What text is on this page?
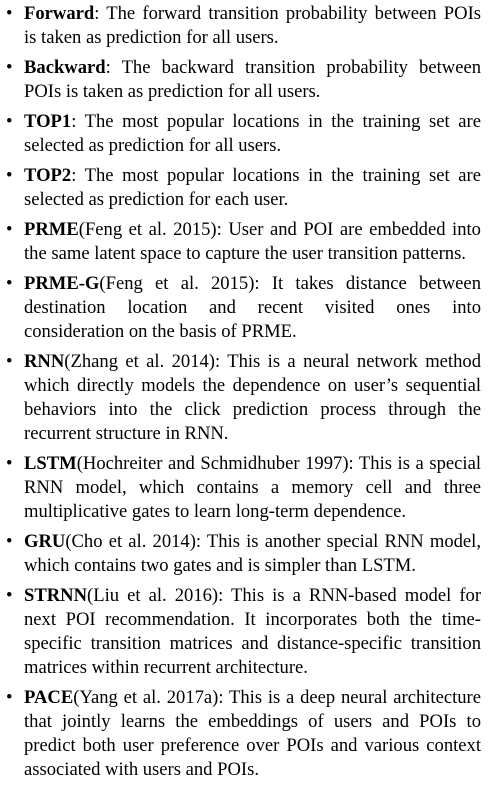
• Forward: The forward transition probability between POIs is taken as prediction for all users.
• Backward: The backward transition probability between POIs is taken as prediction for all users.
• TOP1: The most popular locations in the training set are selected as prediction for all users.
• TOP2: The most popular locations in the training set are selected as prediction for each user.
• PRME(Feng et al. 2015): User and POI are embedded into the same latent space to capture the user transition patterns.
• PRME-G(Feng et al. 2015): It takes distance between destination location and recent visited ones into consideration on the basis of PRME.
• RNN(Zhang et al. 2014): This is a neural network method which directly models the dependence on user’s sequential behaviors into the click prediction process through the recurrent structure in RNN.
• LSTM(Hochreiter and Schmidhuber 1997): This is a special RNN model, which contains a memory cell and three multiplicative gates to learn long-term dependence.
• GRU(Cho et al. 2014): This is another special RNN model, which contains two gates and is simpler than LSTM.
• STRNN(Liu et al. 2016): This is a RNN-based model for next POI recommendation. It incorporates both the time-specific transition matrices and distance-specific transition matrices within recurrent architecture.
• PACE(Yang et al. 2017a): This is a deep neural architecture that jointly learns the embeddings of users and POIs to predict both user preference over POIs and various context associated with users and POIs.
